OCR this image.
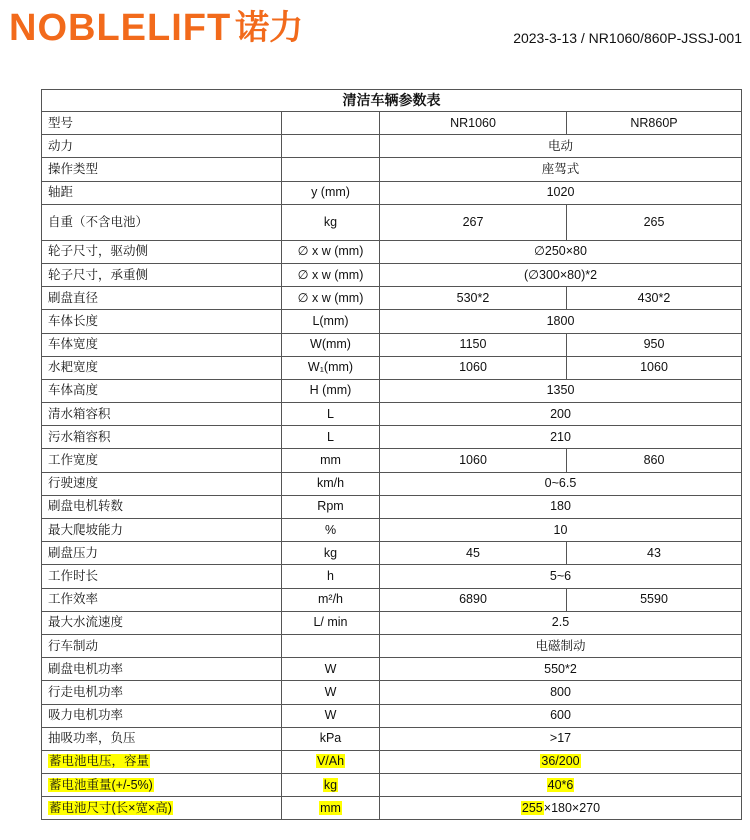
NOBLELIFT 诺力	2023-3-13 / NR1060/860P-JSSJ-001
清洁车辆参数表			
型号		NR1060	NR860P
动力		电动	
操作类型		座驾式	
轴距	y (mm)	1020	
自重（不含电池）	kg	267	265
轮子尺寸，驱动侧	∅ x w (mm)	∅250×80	
轮子尺寸，承重侧	∅ x w (mm)	(∅300×80)*2	
刷盘直径	∅ x w (mm)	530*2	430*2
车体长度	L(mm)	1800	
车体宽度	W(mm)	1150	950
水耙宽度	W₁(mm)	1060	1060
车体高度	H (mm)	1350	
清水箱容积	L	200	
污水箱容积	L	210	
工作宽度	mm	1060	860
行驶速度	km/h	0~6.5	
刷盘电机转数	Rpm	180	
最大爬坡能力	%	10	
刷盘压力	kg	45	43
工作时长	h	5~6	
工作效率	m²/h	6890	5590
最大水流速度	L/ min	2.5	
行车制动		电磁制动	
刷盘电机功率	W	550*2	
行走电机功率	W	800	
吸力电机功率	W	600	
抽吸功率，负压	kPa	>17	
蓄电池电压，容量	V/Ah	36/200	
蓄电池重量(+/-5%)	kg	40*6	
蓄电池尺寸(长×宽×高)	mm	255×180×270	
